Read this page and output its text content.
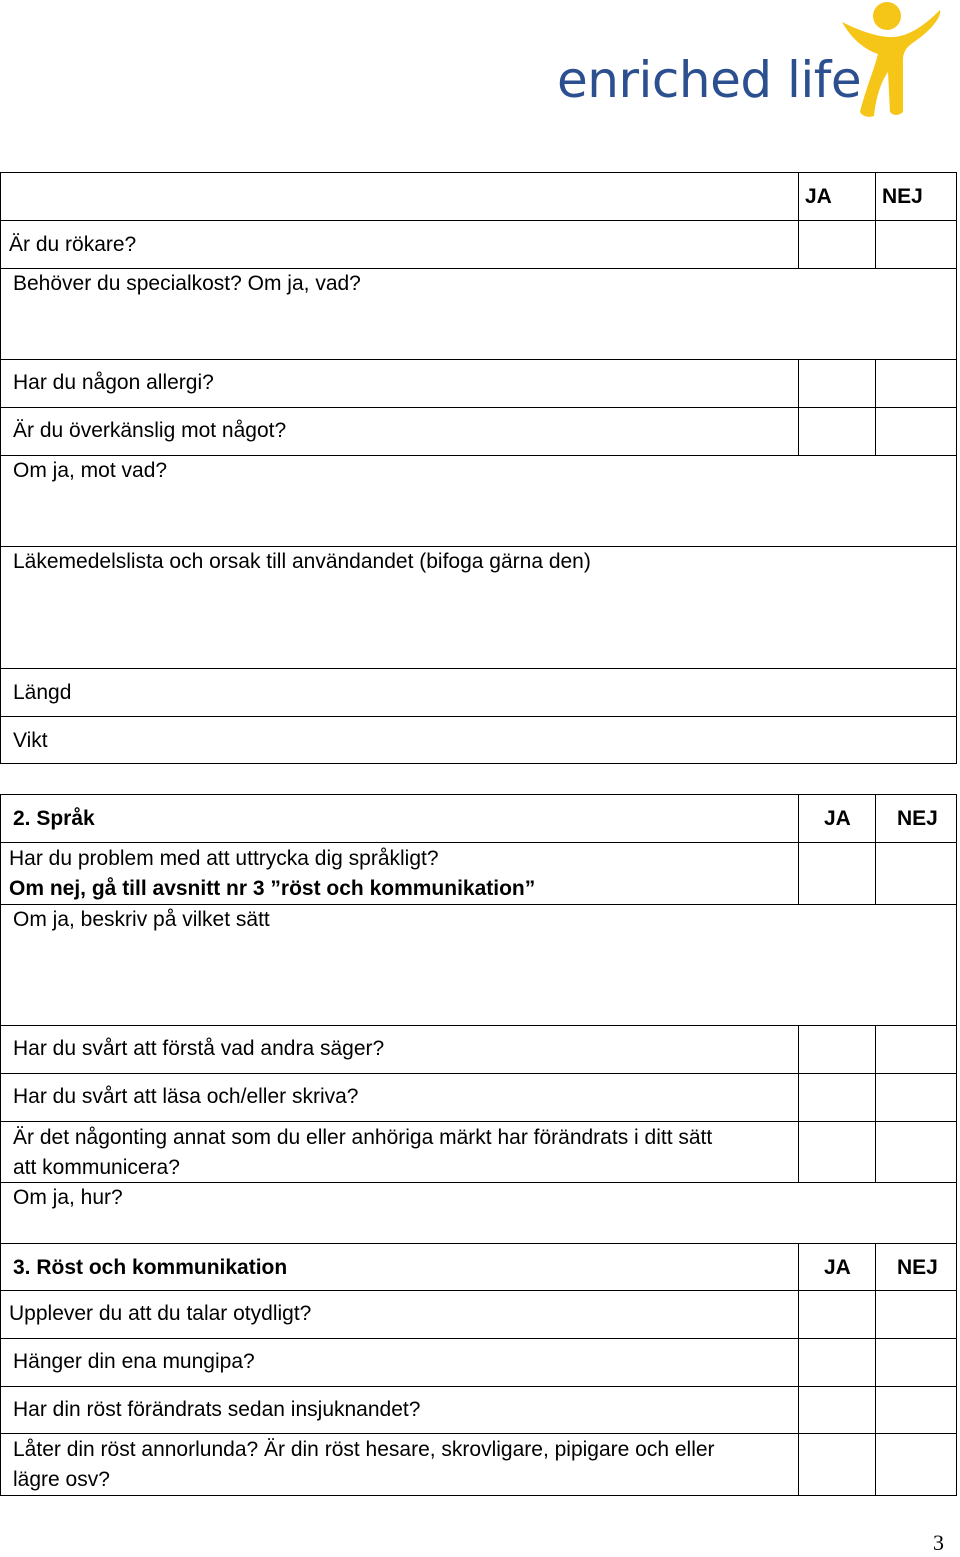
enriched life
JA NEJ
Är du rökare?
Behöver du specialkost? Om ja, vad?
Har du någon allergi?
Är du överkänslig mot något?
Om ja, mot vad?
Läkemedelslista och orsak till användandet (bifoga gärna den)
Längd
Vikt
2. Språk	JA NEJ
Har du problem med att uttrycka dig språkligt?
Om nej, gå till avsnitt nr 3 ”röst och kommunikation”
Om ja, beskriv på vilket sätt
Har du svårt att förstå vad andra säger?
Har du svårt att läsa och/eller skriva?
Är det någonting annat som du eller anhöriga märkt har förändrats i ditt sätt
att kommunicera?
Om ja, hur?
3. Röst och kommunikation	JA NEJ
Upplever du att du talar otydligt?
Hänger din ena mungipa?
Har din röst förändrats sedan insjuknandet?
Låter din röst annorlunda? Är din röst hesare, skrovligare, pipigare och eller
lägre osv?
3
